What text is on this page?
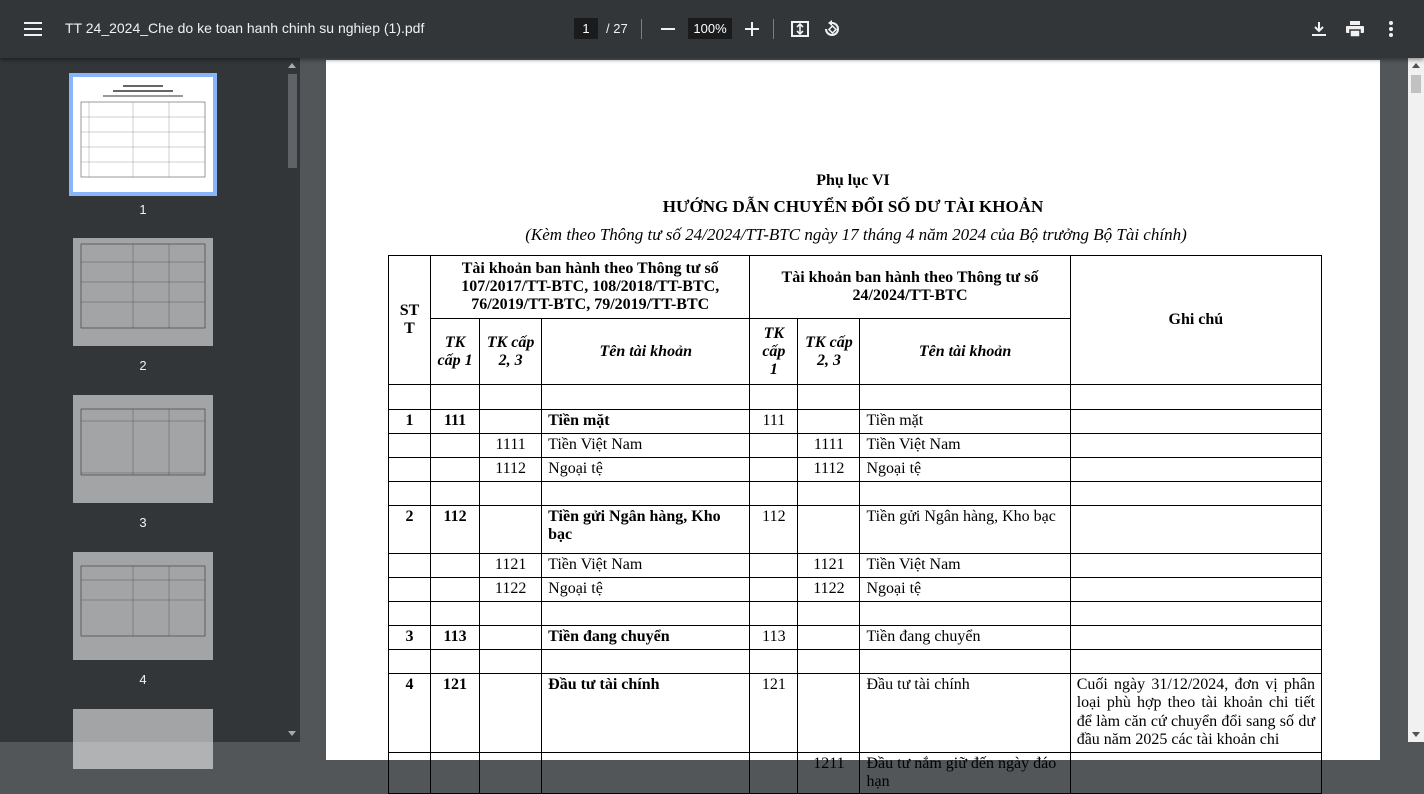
TT 24_2024_Che do ke toan hanh chinh su nghiep (1).pdf
1	/ 27
100%
1
2
3
4
Phụ lục VI
HƯỚNG DẪN CHUYỂN ĐỔI SỐ DƯ TÀI KHOẢN
(Kèm theo Thông tư số 24/2024/TT-BTC ngày 17 tháng 4 năm 2024 của Bộ trưởng Bộ Tài chính)
ST T	Tài khoản ban hành theo Thông tư số 107/2017/TT-BTC, 108/2018/TT-BTC, 76/2019/TT-BTC, 79/2019/TT-BTC			Tài khoản ban hành theo Thông tư số 24/2024/TT-BTC			Ghi chú
	TK cấp 1	TK cấp 2, 3	Tên tài khoản	TK cấp 1	TK cấp 2, 3	Tên tài khoản	

1	111		Tiền mặt	111		Tiền mặt	
		1111	Tiền Việt Nam		1111	Tiền Việt Nam	
		1112	Ngoại tệ		1112	Ngoại tệ	

2	112		Tiền gửi Ngân hàng, Kho bạc	112		Tiền gửi Ngân hàng, Kho bạc	
		1121	Tiền Việt Nam		1121	Tiền Việt Nam	
		1122	Ngoại tệ		1122	Ngoại tệ	

3	113		Tiền đang chuyển	113		Tiền đang chuyển	

4	121		Đầu tư tài chính	121		Đầu tư tài chính	Cuối ngày 31/12/2024, đơn vị phân loại phù hợp theo tài khoản chi tiết để làm căn cứ chuyển đổi sang số dư đầu năm 2025 các tài khoản chi
					1211	Đầu tư nắm giữ đến ngày đáo hạn	
